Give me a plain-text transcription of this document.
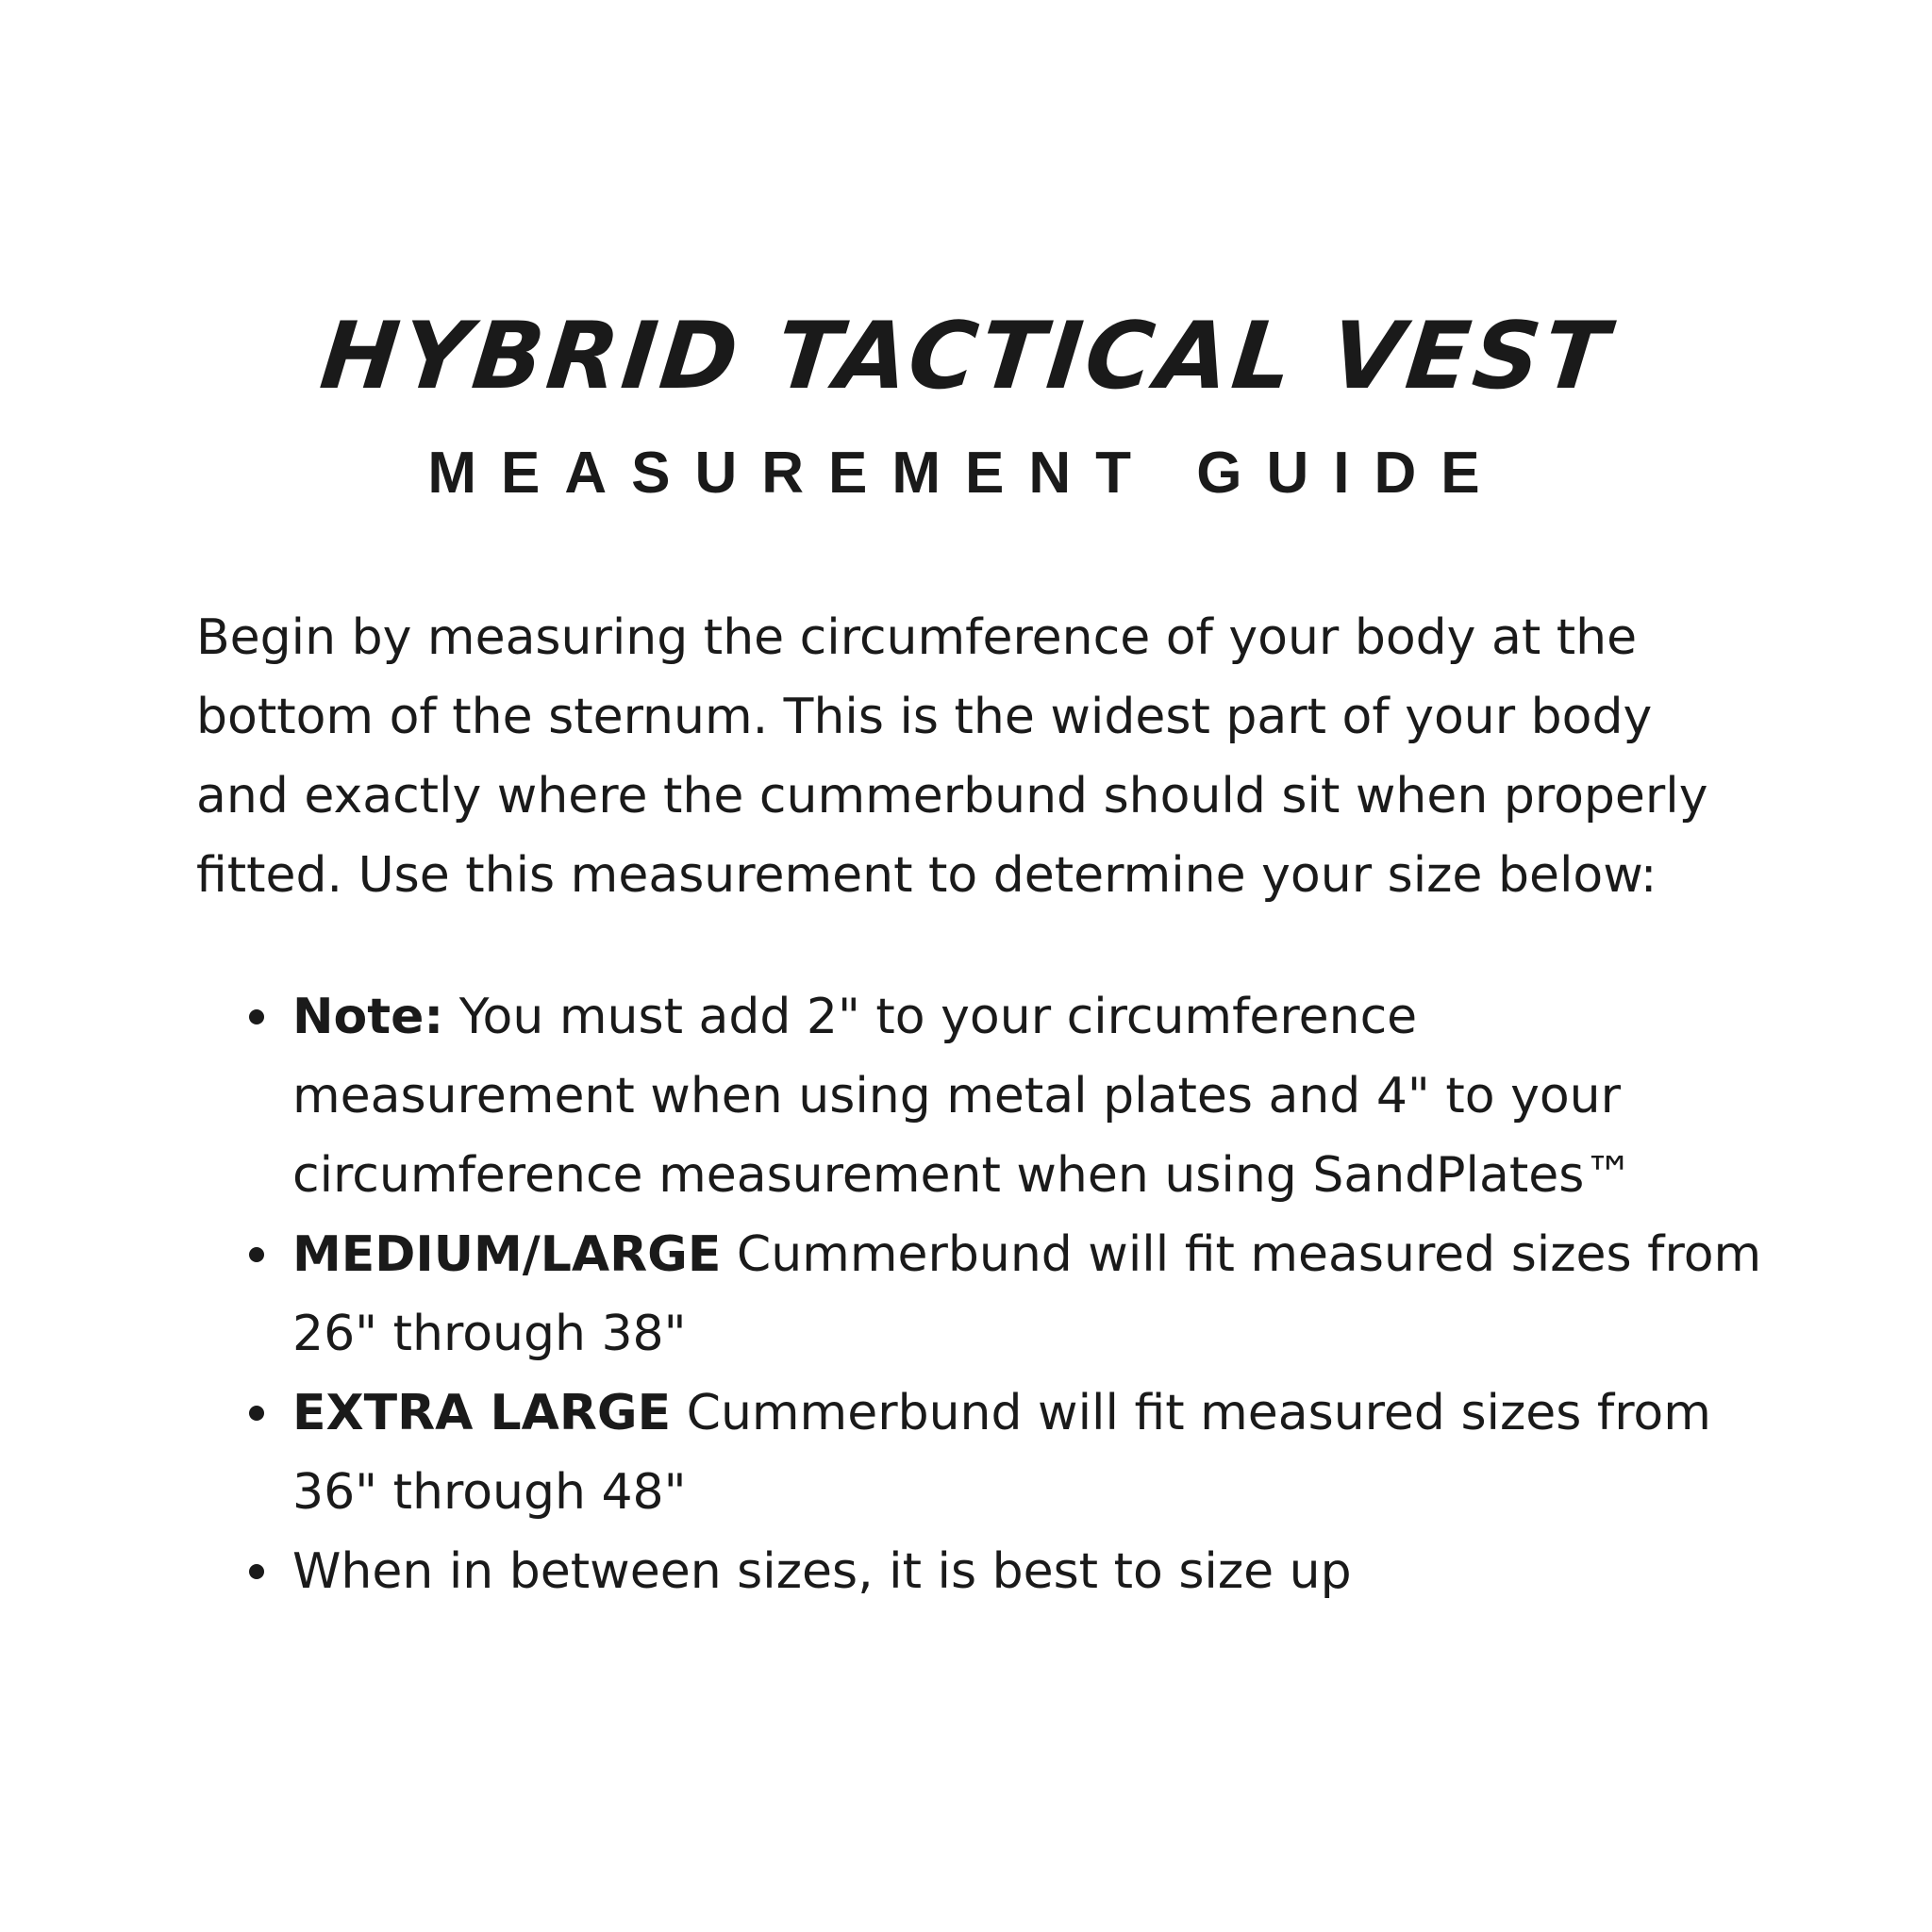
HYBRID TACTICAL VEST
MEASUREMENT GUIDE

Begin by measuring the circumference of your body at the bottom of the sternum. This is the widest part of your body and exactly where the cummerbund should sit when properly fitted. Use this measurement to determine your size below:

Note: You must add 2" to your circumference measurement when using metal plates and 4" to your circumference measurement when using SandPlates™
MEDIUM/LARGE Cummerbund will fit measured sizes from 26" through 38"
EXTRA LARGE Cummerbund will fit measured sizes from 36" through 48"
When in between sizes, it is best to size up
